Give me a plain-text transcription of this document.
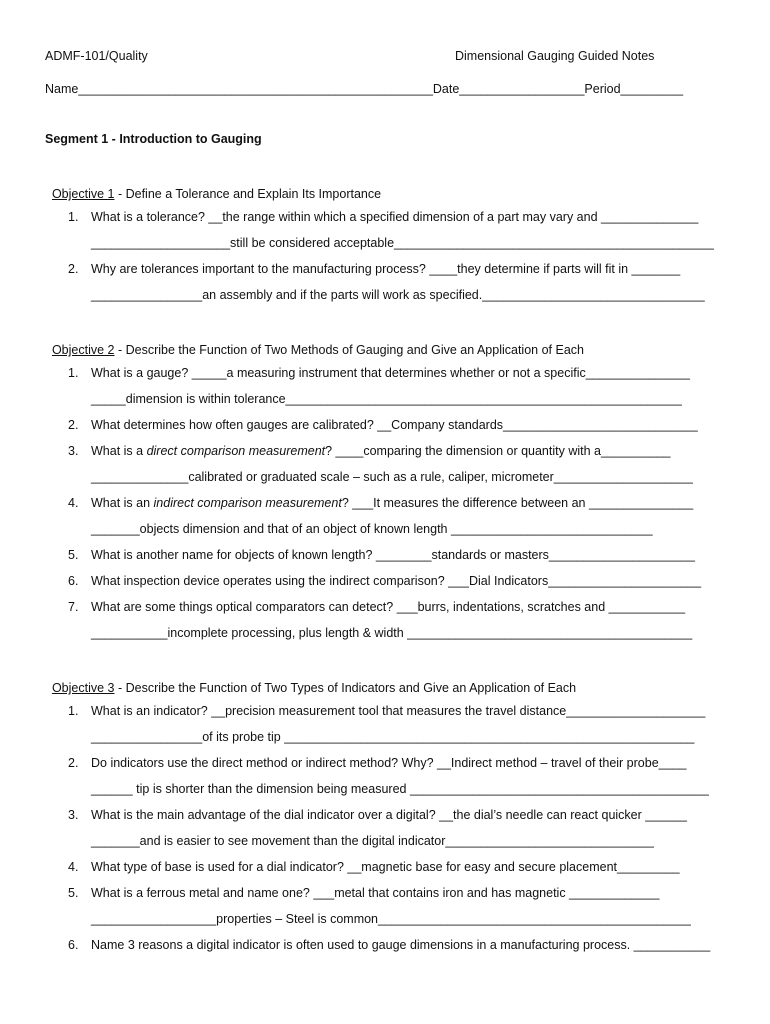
ADMF-101/Quality	Dimensional Gauging Guided Notes
Name___________________________________________________Date__________________Period_________
Segment 1 - Introduction to Gauging

Objective 1 - Define a Tolerance and Explain Its Importance

1.	What is a tolerance? __the range within which a specified dimension of a part may vary and ______________
____________________still be considered acceptable______________________________________________
2.	Why are tolerances important to the manufacturing process? ____they determine if parts will fit in _______
________________an assembly and if the parts will work as specified.________________________________

Objective 2 - Describe the Function of Two Methods of Gauging and Give an Application of Each

1.	What is a gauge? _____a measuring instrument that determines whether or not a specific_______________
_____dimension is within tolerance_________________________________________________________
2.	What determines how often gauges are calibrated? __Company standards____________________________
3.	What is a direct comparison measurement? ____comparing the dimension or quantity with a__________
______________calibrated or graduated scale – such as a rule, caliper, micrometer____________________
4.	What is an indirect comparison measurement? ___It measures the difference between an _______________
_______objects dimension and that of an object of known length _____________________________
5.	What is another name for objects of known length? ________standards or masters_____________________
6.	What inspection device operates using the indirect comparison? ___Dial Indicators______________________
7.	What are some things optical comparators can detect? ___burrs, indentations, scratches and ___________
___________incomplete processing, plus length & width _________________________________________

Objective 3 - Describe the Function of Two Types of Indicators and Give an Application of Each

1.	What is an indicator? __precision measurement tool that measures the travel distance____________________
________________of its probe tip ___________________________________________________________
2.	Do indicators use the direct method or indirect method? Why? __Indirect method – travel of their probe____
______ tip is shorter than the dimension being measured ___________________________________________
3.	What is the main advantage of the dial indicator over a digital? __the dial’s needle can react quicker ______
_______and is easier to see movement than the digital indicator______________________________
4.	What type of base is used for a dial indicator? __magnetic base for easy and secure placement_________
5.	What is a ferrous metal and name one? ___metal that contains iron and has magnetic _____________
__________________properties – Steel is common_____________________________________________
6.	Name 3 reasons a digital indicator is often used to gauge dimensions in a manufacturing process. ___________
